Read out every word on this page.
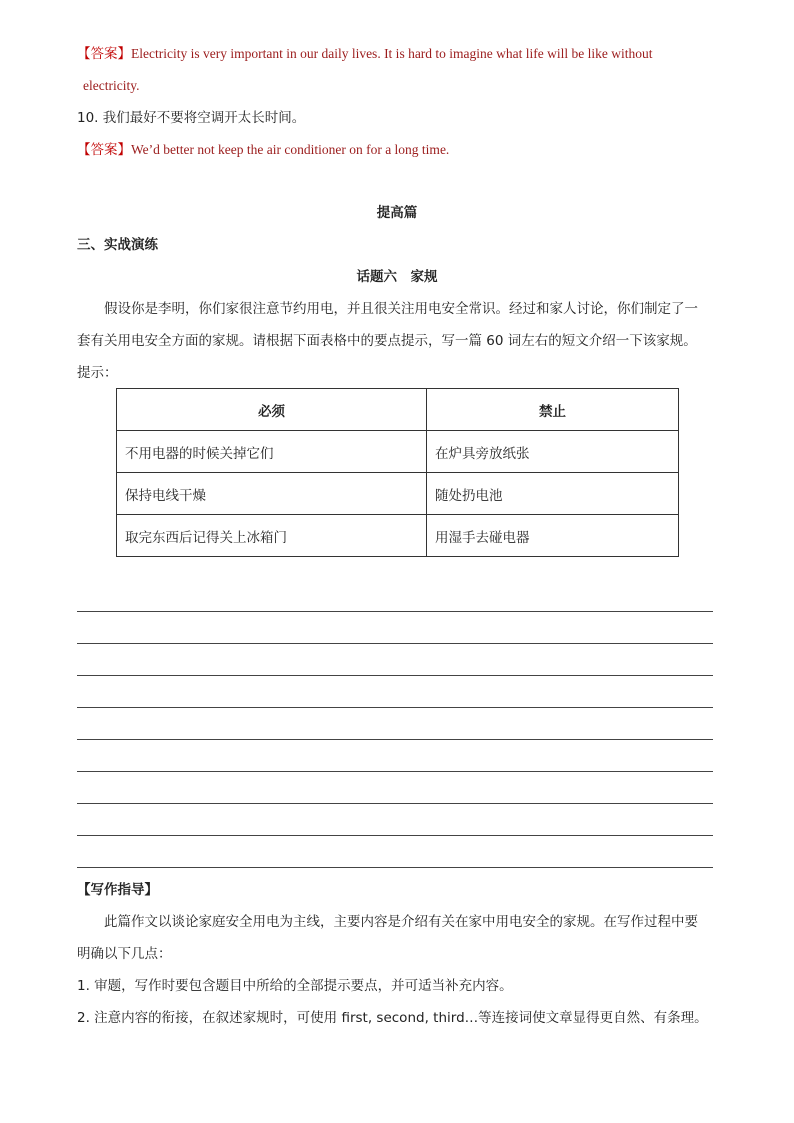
【答案】Electricity is very important in our daily lives. It is hard to imagine what life will be like without
electricity.
10. 我们最好不要将空调开太长时间。
【答案】We’d better not keep the air conditioner on for a long time.
提高篇
三、实战演练
话题六　家规
假设你是李明，你们家很注意节约用电，并且很关注用电安全常识。经过和家人讨论，你们制定了一
套有关用电安全方面的家规。请根据下面表格中的要点提示，写一篇 60 词左右的短文介绍一下该家规。
提示：
必须	禁止
不用电器的时候关掉它们	在炉具旁放纸张
保持电线干燥	随处扔电池
取完东西后记得关上冰箱门	用湿手去碰电器
【写作指导】
此篇作文以谈论家庭安全用电为主线，主要内容是介绍有关在家中用电安全的家规。在写作过程中要
明确以下几点：
1. 审题，写作时要包含题目中所给的全部提示要点，并可适当补充内容。
2. 注意内容的衔接，在叙述家规时，可使用 first, second, third…等连接词使文章显得更自然、有条理。
